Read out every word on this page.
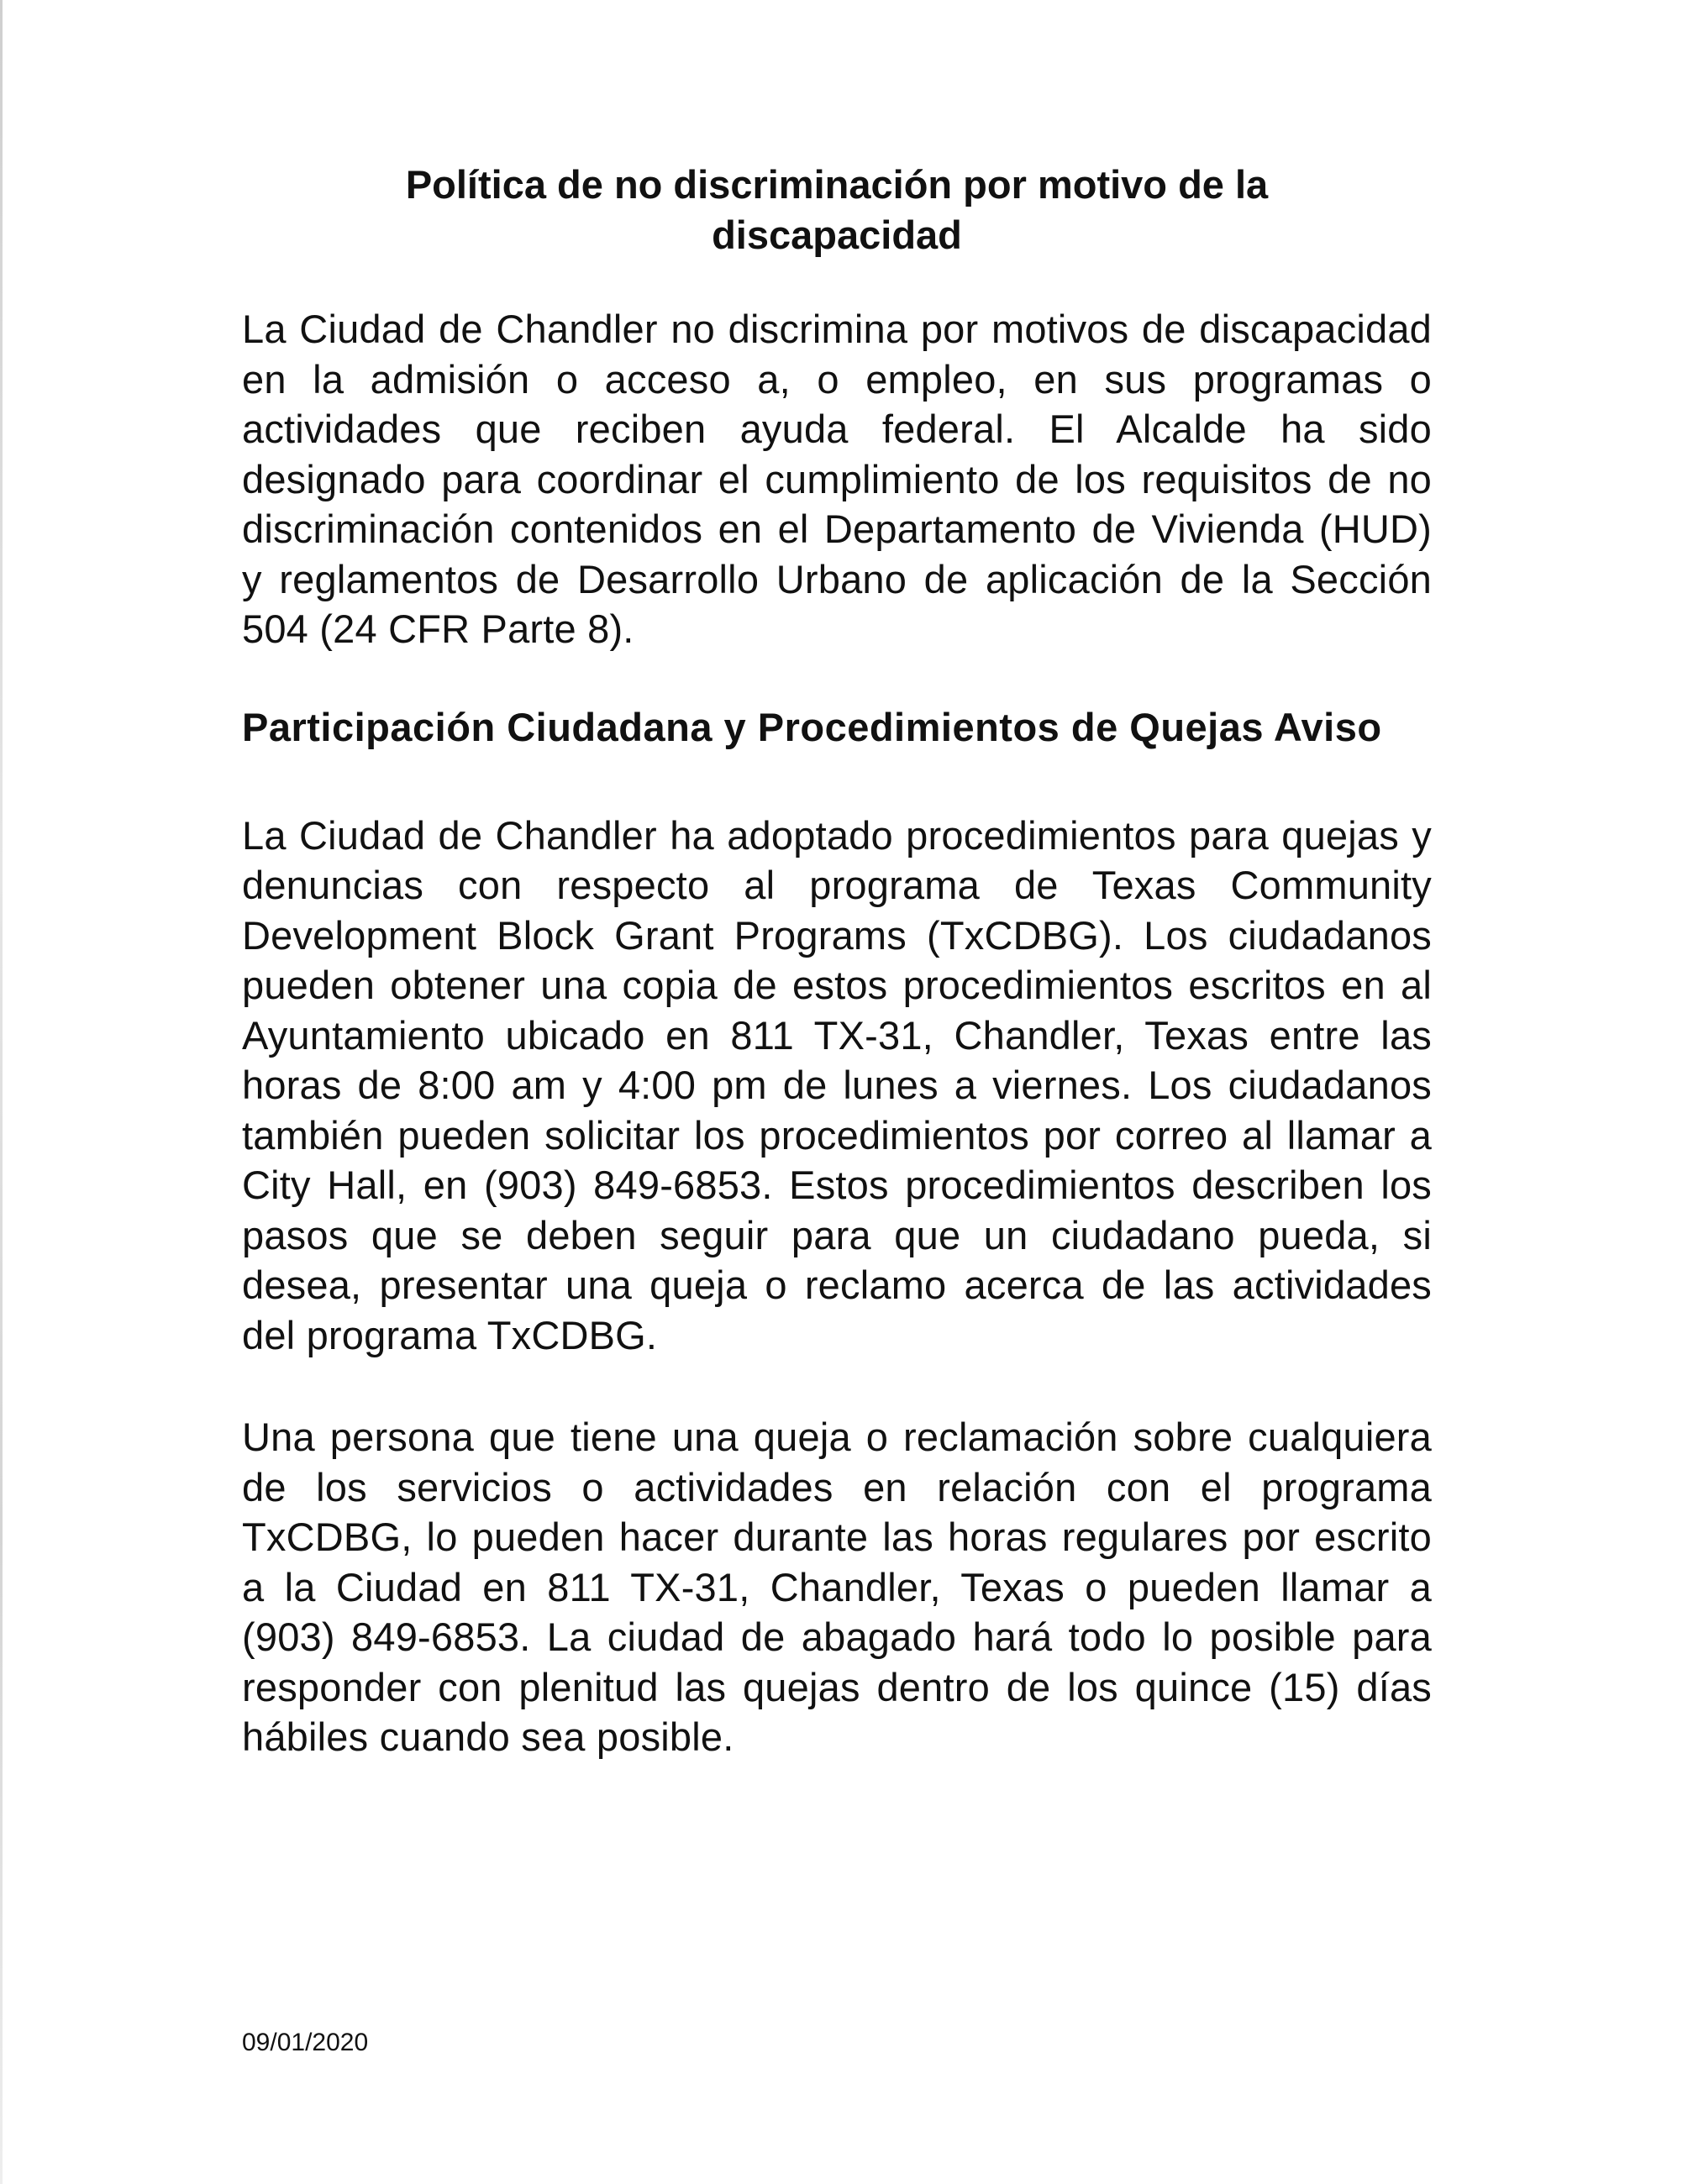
Política de no discriminación por motivo de la discapacidad

La Ciudad de Chandler no discrimina por motivos de discapacidad en la admisión o acceso a, o empleo, en sus programas o actividades que reciben ayuda federal. El Alcalde ha sido designado para coordinar el cumplimiento de los requisitos de no discriminación contenidos en el Departamento de Vivienda (HUD) y reglamentos de Desarrollo Urbano de aplicación de la Sección 504 (24 CFR Parte 8).

Participación Ciudadana y Procedimientos de Quejas Aviso

La Ciudad de Chandler ha adoptado procedimientos para quejas y denuncias con respecto al programa de Texas Community Development Block Grant Programs (TxCDBG). Los ciudadanos pueden obtener una copia de estos procedimientos escritos en al Ayuntamiento ubicado en 811 TX-31, Chandler, Texas entre las horas de 8:00 am y 4:00 pm de lunes a viernes. Los ciudadanos también pueden solicitar los procedimientos por correo al llamar a City Hall, en (903) 849-6853. Estos procedimientos describen los pasos que se deben seguir para que un ciudadano pueda, si desea, presentar una queja o reclamo acerca de las actividades del programa TxCDBG.

Una persona que tiene una queja o reclamación sobre cualquiera de los servicios o actividades en relación con el programa TxCDBG, lo pueden hacer durante las horas regulares por escrito a la Ciudad en 811 TX-31, Chandler, Texas o pueden llamar a (903) 849-6853. La ciudad de abagado hará todo lo posible para responder con plenitud las quejas dentro de los quince (15) días hábiles cuando sea posible.

09/01/2020
